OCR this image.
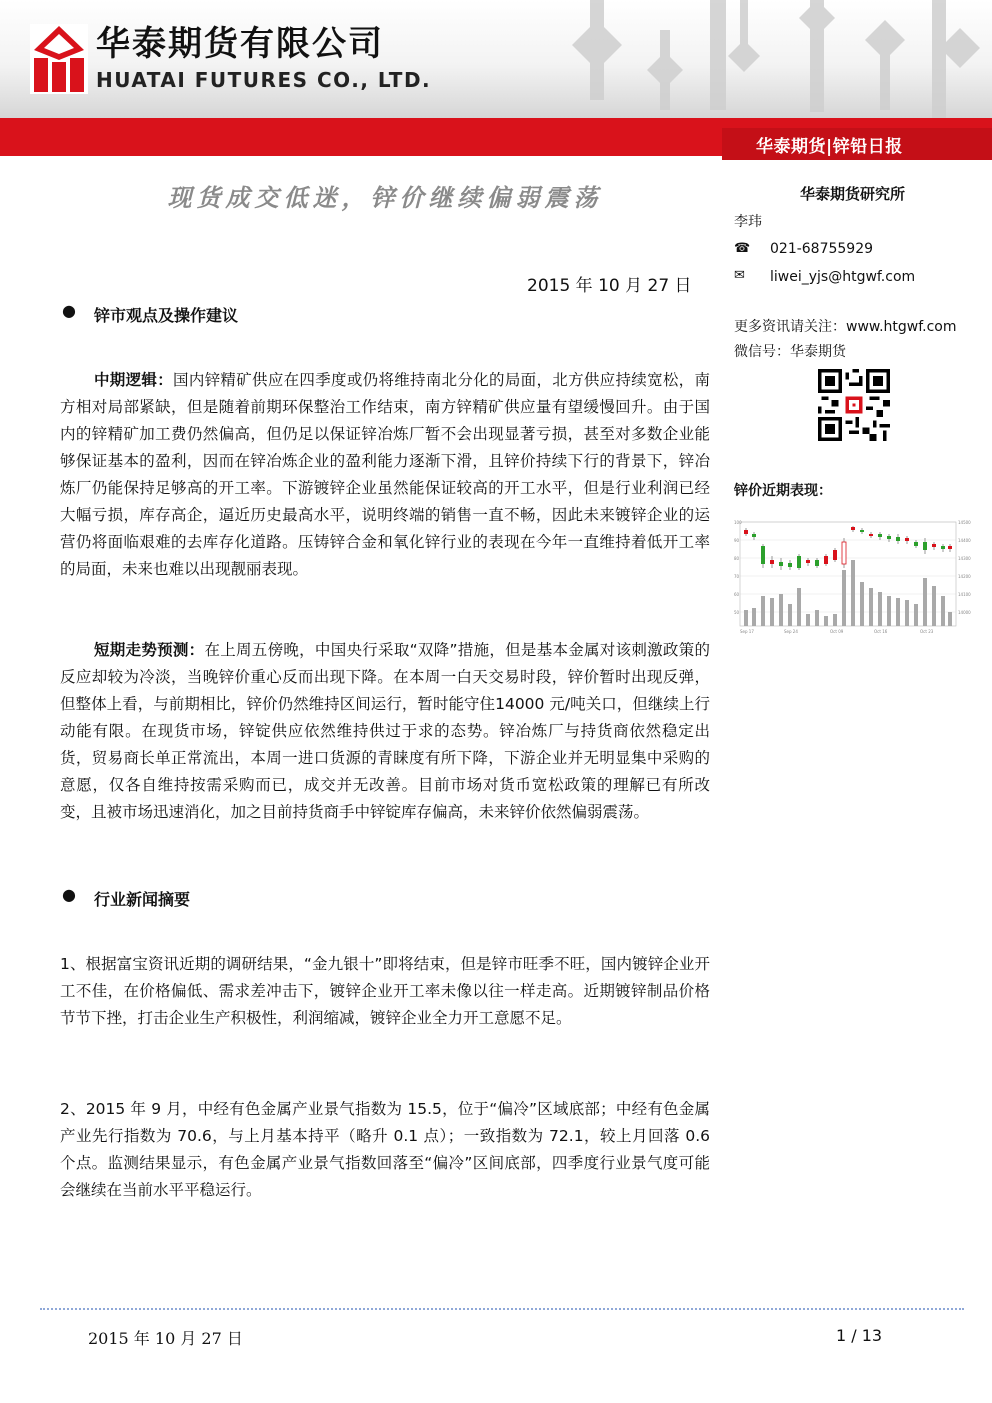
华泰期货有限公司
HUATAI FUTURES CO., LTD.
华泰期货|锌铅日报
现货成交低迷，锌价继续偏弱震荡
2015 年 10 月 27 日
● 锌市观点及操作建议
中期逻辑：国内锌精矿供应在四季度或仍将维持南北分化的局面，北方供应持续宽松，南方相对局部紧缺，但是随着前期环保整治工作结束，南方锌精矿供应量有望缓慢回升。由于国内的锌精矿加工费仍然偏高，但仍足以保证锌冶炼厂暂不会出现显著亏损，甚至对多数企业能够保证基本的盈利，因而在锌冶炼企业的盈利能力逐渐下滑，且锌价持续下行的背景下，锌冶炼厂仍能保持足够高的开工率。下游镀锌企业虽然能保证较高的开工水平，但是行业利润已经大幅亏损，库存高企，逼近历史最高水平，说明终端的销售一直不畅，因此未来镀锌企业的运营仍将面临艰难的去库存化道路。压铸锌合金和氧化锌行业的表现在今年一直维持着低开工率的局面，未来也难以出现靓丽表现。
短期走势预测：在上周五傍晚，中国央行采取“双降”措施，但是基本金属对该刺激政策的反应却较为冷淡，当晚锌价重心反而出现下降。在本周一白天交易时段，锌价暂时出现反弹，但整体上看，与前期相比，锌价仍然维持区间运行，暂时能守住14000 元/吨关口，但继续上行动能有限。在现货市场，锌锭供应依然维持供过于求的态势。锌冶炼厂与持货商依然稳定出货，贸易商长单正常流出，本周一进口货源的青睐度有所下降，下游企业并无明显集中采购的意愿，仅各自维持按需采购而已，成交并无改善。目前市场对货币宽松政策的理解已有所改变，且被市场迅速消化，加之目前持货商手中锌锭库存偏高，未来锌价依然偏弱震荡。
● 行业新闻摘要
1、根据富宝资讯近期的调研结果，“金九银十”即将结束，但是锌市旺季不旺，国内镀锌企业开工不佳，在价格偏低、需求差冲击下，镀锌企业开工率未像以往一样走高。近期镀锌制品价格节节下挫，打击企业生产积极性，利润缩减，镀锌企业全力开工意愿不足。
2、2015 年 9 月，中经有色金属产业景气指数为 15.5，位于“偏冷”区域底部；中经有色金属产业先行指数为 70.6，与上月基本持平（略升 0.1 点）；一致指数为 72.1，较上月回落 0.6 个点。监测结果显示，有色金属产业景气指数回落至“偏冷”区间底部，四季度行业景气度可能会继续在当前水平平稳运行。
华泰期货研究所
李玮
☎ 021-68755929
✉ liwei_yjs@htgwf.com
更多资讯请关注：www.htgwf.com
微信号：华泰期货
锌价近期表现：
100
90
80
70
60
50
14500
14400
14300
14200
14100
14000
Sep 17	Sep 24	Oct 09	Oct 16	Oct 23
2015 年 10 月 27 日	1 / 13
